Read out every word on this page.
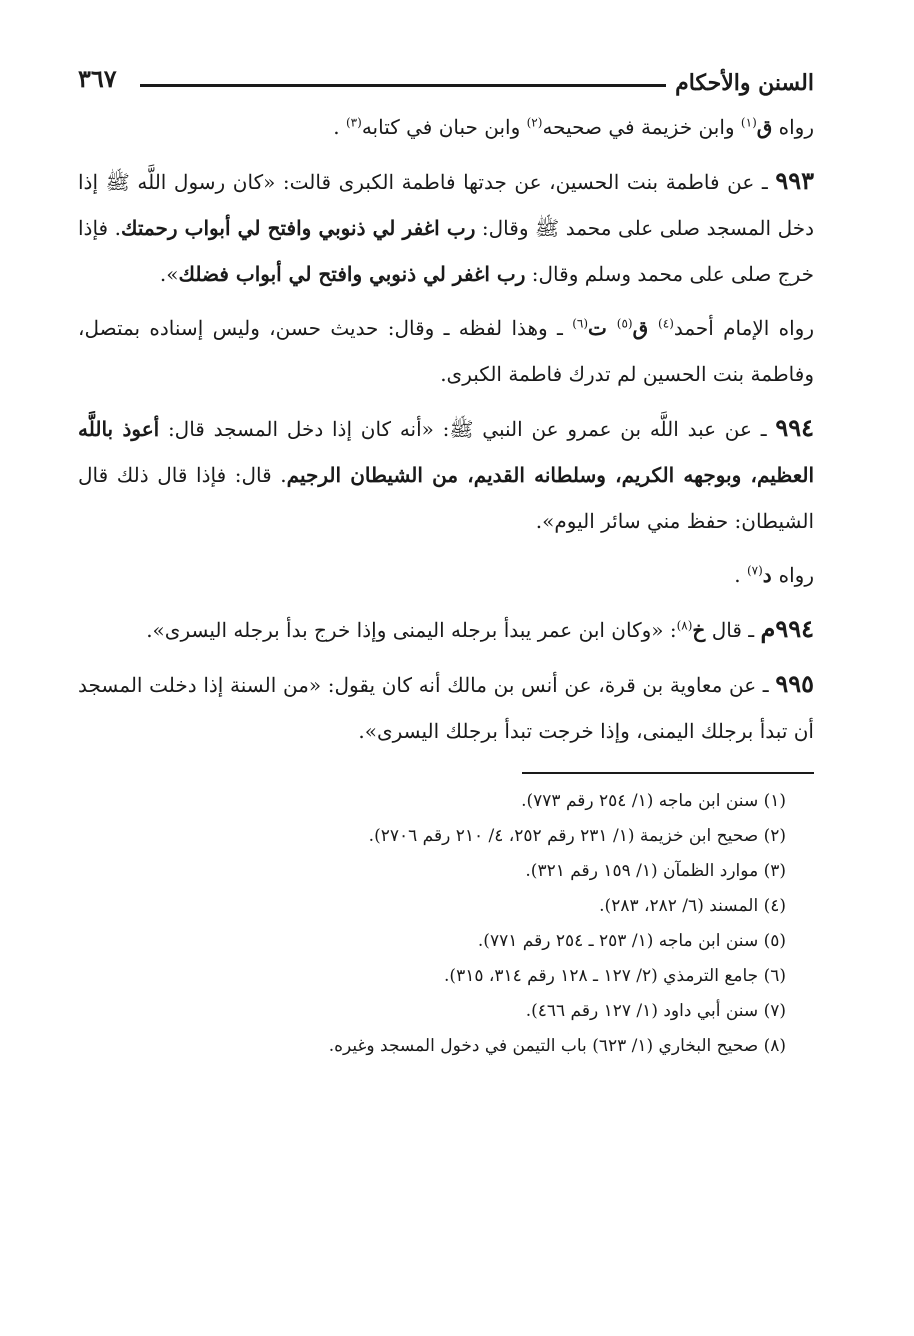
السنن والأحكام
٣٦٧

رواه ق$^{(١)}$ وابن خزيمة في صحيحه$^{(٢)}$ وابن حبان في كتابه$^{(٣)}$ .

٩٩٣ ـ عن فاطمة بنت الحسين، عن جدتها فاطمة الكبرى قالت: «كان رسول اللَّه ﷺ إذا دخل المسجد صلى على محمد ﷺ وقال: رب اغفر لي ذنوبي وافتح لي أبواب رحمتك. فإذا خرج صلى على محمد وسلم وقال: رب اغفر لي ذنوبي وافتح لي أبواب فضلك».

رواه الإمام أحمد$^{(٤)}$ ق$^{(٥)}$ ت$^{(٦)}$ ـ وهذا لفظه ـ وقال: حديث حسن، وليس إسناده بمتصل، وفاطمة بنت الحسين لم تدرك فاطمة الكبرى.

٩٩٤ ـ عن عبد اللَّه بن عمرو عن النبي ﷺ: «أنه كان إذا دخل المسجد قال: أعوذ باللَّه العظيم، وبوجهه الكريم، وسلطانه القديم، من الشيطان الرجيم. قال: فإذا قال ذلك قال الشيطان: حفظ مني سائر اليوم».

رواه د$^{(٧)}$ .

٩٩٤م ـ قال خ$^{(٨)}$: «وكان ابن عمر يبدأ برجله اليمنى وإذا خرج بدأ برجله اليسرى».

٩٩٥ ـ عن معاوية بن قرة، عن أنس بن مالك أنه كان يقول: «من السنة إذا دخلت المسجد أن تبدأ برجلك اليمنى، وإذا خرجت تبدأ برجلك اليسرى».

(١) سنن ابن ماجه (١/ ٢٥٤ رقم ٧٧٣).
(٢) صحيح ابن خزيمة (١/ ٢٣١ رقم ٢٥٢، ٤/ ٢١٠ رقم ٢٧٠٦).
(٣) موارد الظمآن (١/ ١٥٩ رقم ٣٢١).
(٤) المسند (٦/ ٢٨٢، ٢٨٣).
(٥) سنن ابن ماجه (١/ ٢٥٣ ـ ٢٥٤ رقم ٧٧١).
(٦) جامع الترمذي (٢/ ١٢٧ ـ ١٢٨ رقم ٣١٤، ٣١٥).
(٧) سنن أبي داود (١/ ١٢٧ رقم ٤٦٦).
(٨) صحيح البخاري (١/ ٦٢٣) باب التيمن في دخول المسجد وغيره.
